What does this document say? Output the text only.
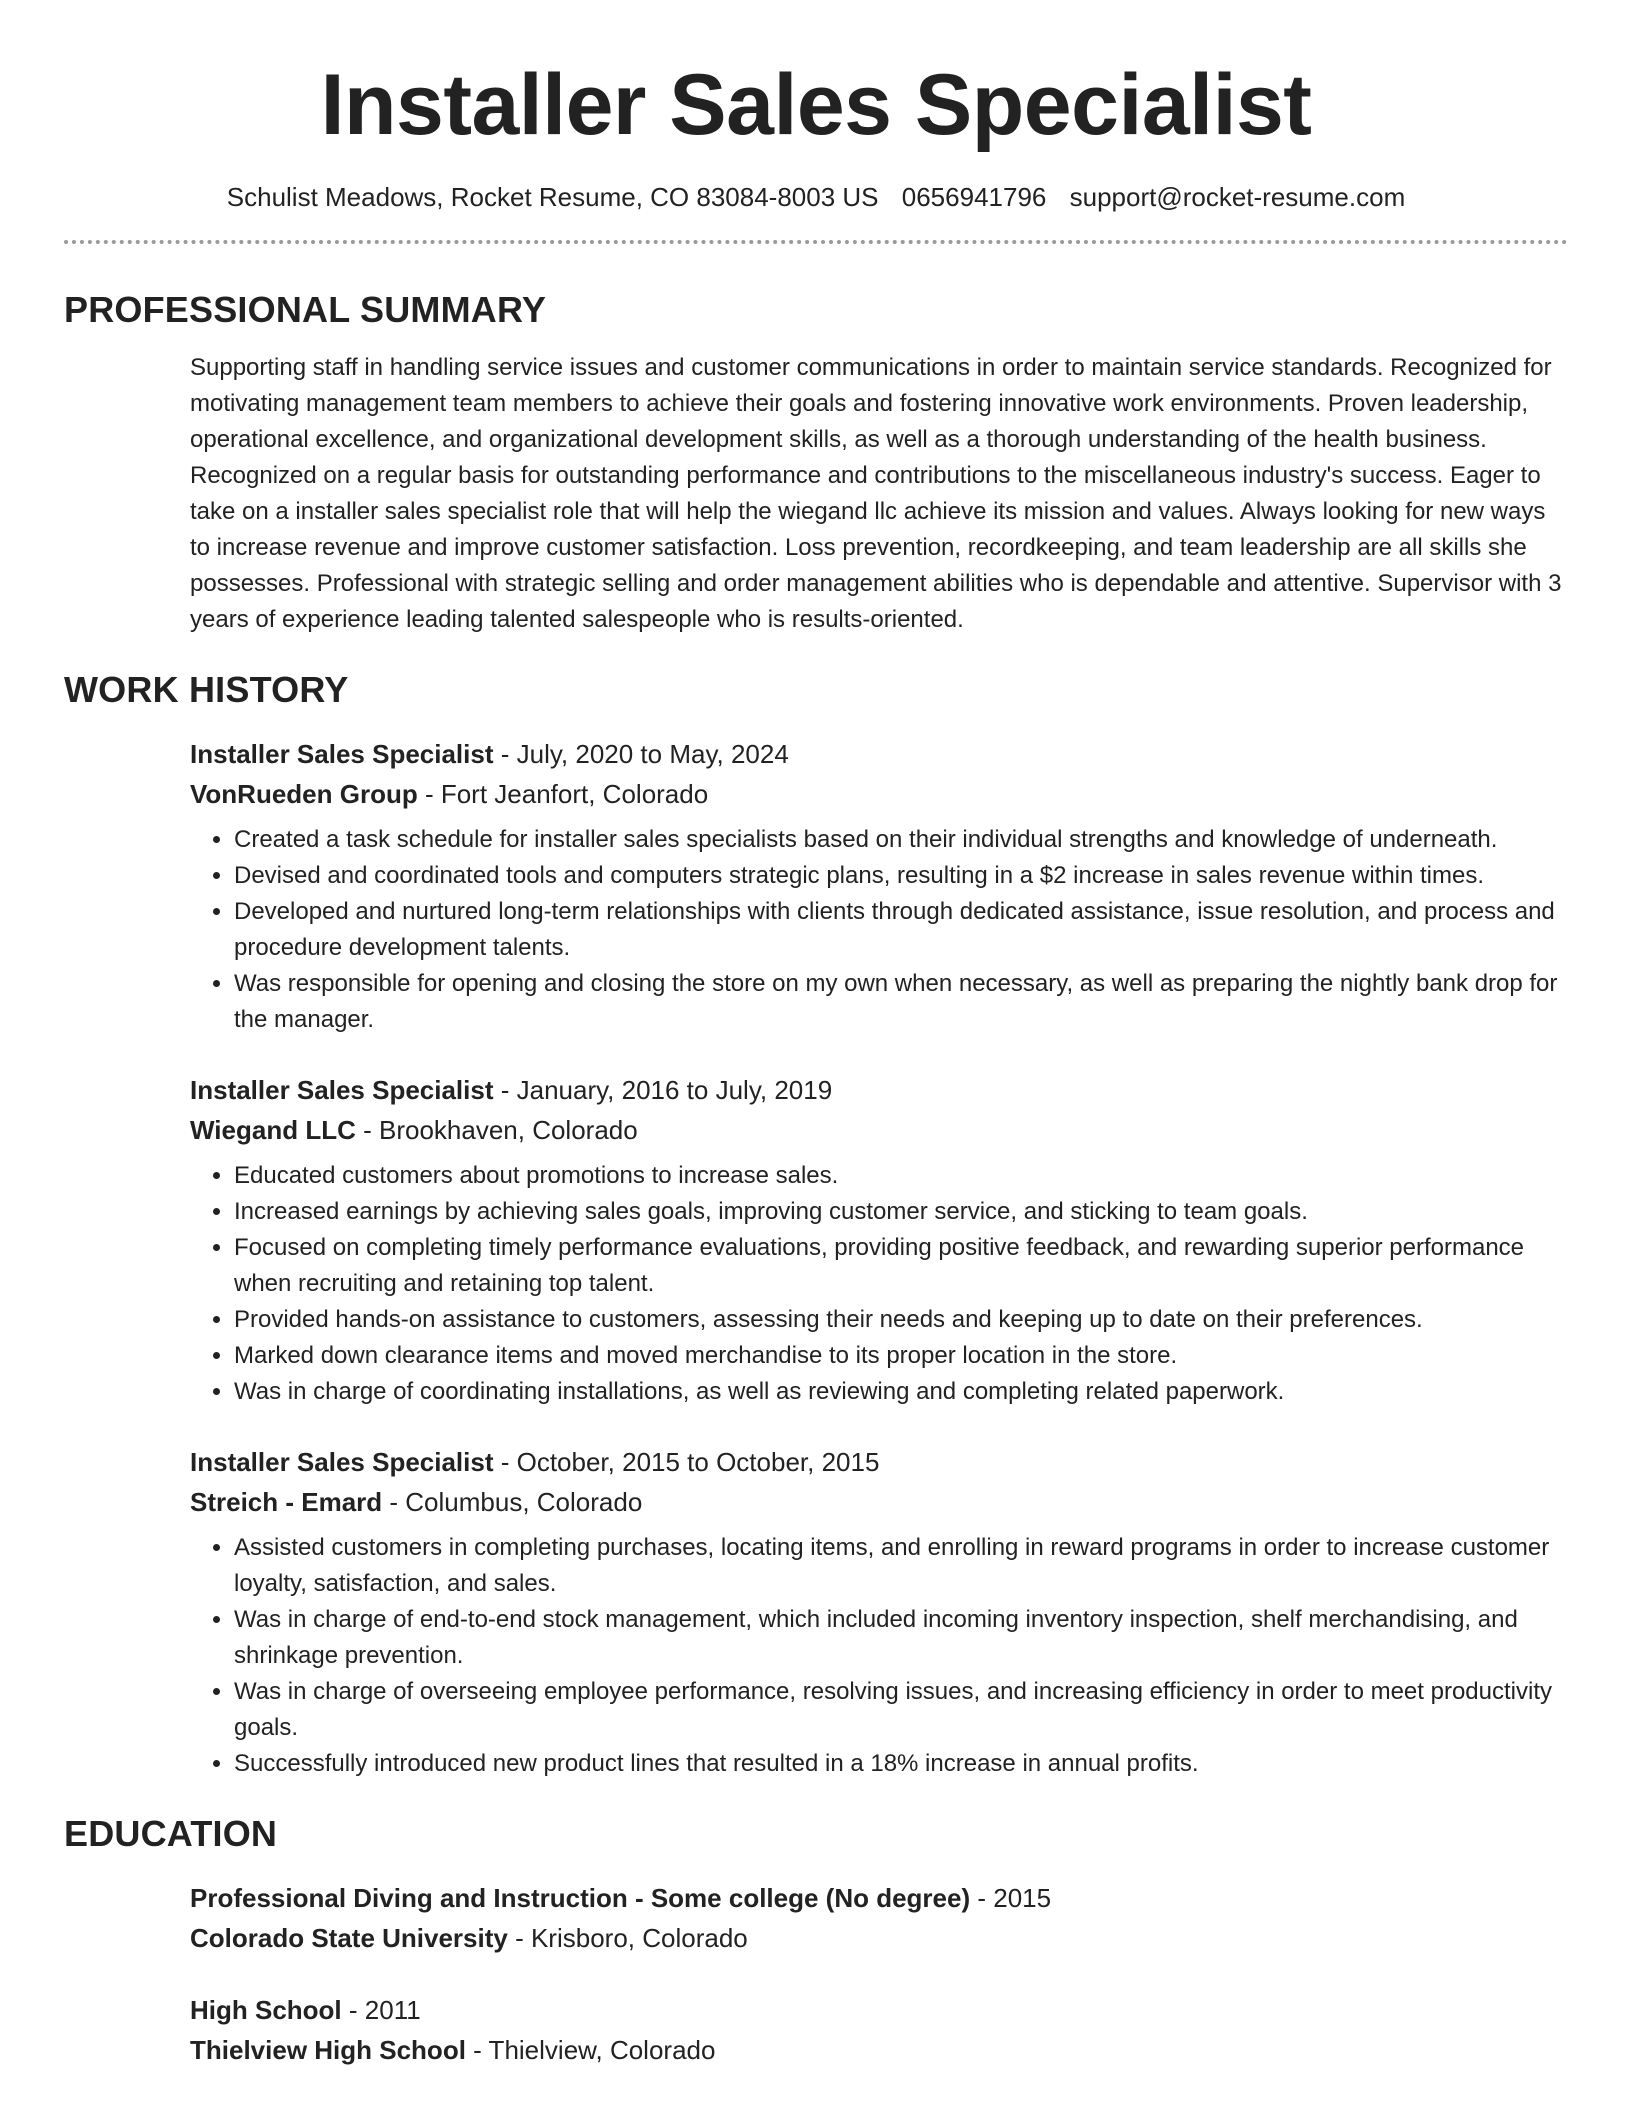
Installer Sales Specialist
Schulist Meadows, Rocket Resume, CO 83084-8003 US 0656941796 support@rocket-resume.com
PROFESSIONAL SUMMARY
Supporting staff in handling service issues and customer communications in order to maintain service standards. Recognized for motivating management team members to achieve their goals and fostering innovative work environments. Proven leadership, operational excellence, and organizational development skills, as well as a thorough understanding of the health business. Recognized on a regular basis for outstanding performance and contributions to the miscellaneous industry's success. Eager to take on a installer sales specialist role that will help the wiegand llc achieve its mission and values. Always looking for new ways to increase revenue and improve customer satisfaction. Loss prevention, recordkeeping, and team leadership are all skills she possesses. Professional with strategic selling and order management abilities who is dependable and attentive. Supervisor with 3 years of experience leading talented salespeople who is results-oriented.
WORK HISTORY
Installer Sales Specialist - July, 2020 to May, 2024
VonRueden Group - Fort Jeanfort, Colorado
• Created a task schedule for installer sales specialists based on their individual strengths and knowledge of underneath.
• Devised and coordinated tools and computers strategic plans, resulting in a $2 increase in sales revenue within times.
• Developed and nurtured long-term relationships with clients through dedicated assistance, issue resolution, and process and procedure development talents.
• Was responsible for opening and closing the store on my own when necessary, as well as preparing the nightly bank drop for the manager.
Installer Sales Specialist - January, 2016 to July, 2019
Wiegand LLC - Brookhaven, Colorado
• Educated customers about promotions to increase sales.
• Increased earnings by achieving sales goals, improving customer service, and sticking to team goals.
• Focused on completing timely performance evaluations, providing positive feedback, and rewarding superior performance when recruiting and retaining top talent.
• Provided hands-on assistance to customers, assessing their needs and keeping up to date on their preferences.
• Marked down clearance items and moved merchandise to its proper location in the store.
• Was in charge of coordinating installations, as well as reviewing and completing related paperwork.
Installer Sales Specialist - October, 2015 to October, 2015
Streich - Emard - Columbus, Colorado
• Assisted customers in completing purchases, locating items, and enrolling in reward programs in order to increase customer loyalty, satisfaction, and sales.
• Was in charge of end-to-end stock management, which included incoming inventory inspection, shelf merchandising, and shrinkage prevention.
• Was in charge of overseeing employee performance, resolving issues, and increasing efficiency in order to meet productivity goals.
• Successfully introduced new product lines that resulted in a 18% increase in annual profits.
EDUCATION
Professional Diving and Instruction - Some college (No degree) - 2015
Colorado State University - Krisboro, Colorado
High School - 2011
Thielview High School - Thielview, Colorado
